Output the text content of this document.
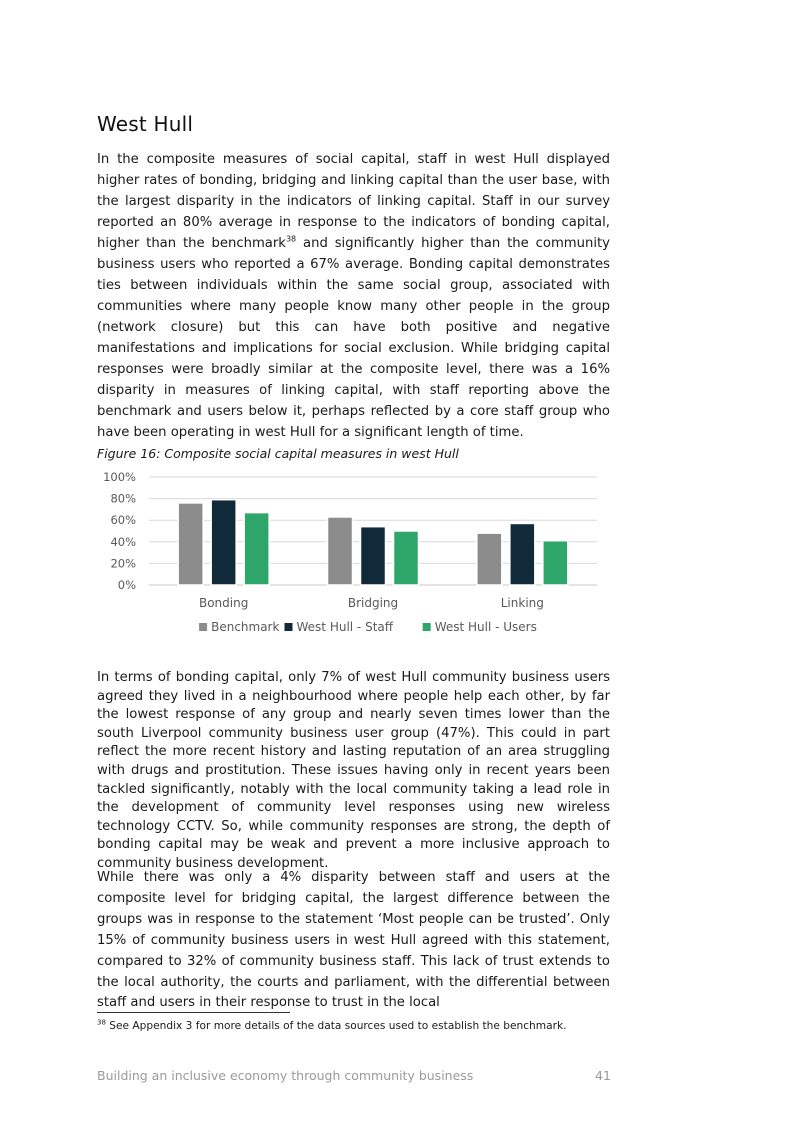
West Hull

In the composite measures of social capital, staff in west Hull displayed higher rates of bonding, bridging and linking capital than the user base, with the largest disparity in the indicators of linking capital. Staff in our survey reported an 80% average in response to the indicators of bonding capital, higher than the benchmark$^{38}$ and significantly higher than the community business users who reported a 67% average. Bonding capital demonstrates ties between individuals within the same social group, associated with communities where many people know many other people in the group (network closure) but this can have both positive and negative manifestations and implications for social exclusion. While bridging capital responses were broadly similar at the composite level, there was a 16% disparity in measures of linking capital, with staff reporting above the benchmark and users below it, perhaps reflected by a core staff group who have been operating in west Hull for a significant length of time.

Figure 16: Composite social capital measures in west Hull

0%
20%
40%
60%
80%
100%
Bonding	Bridging	Linking
Benchmark West Hull - Staff	West Hull - Users

In terms of bonding capital, only 7% of west Hull community business users agreed they lived in a neighbourhood where people help each other, by far the lowest response of any group and nearly seven times lower than the south Liverpool community business user group (47%). This could in part reflect the more recent history and lasting reputation of an area struggling with drugs and prostitution. These issues having only in recent years been tackled significantly, notably with the local community taking a lead role in the development of community level responses using new wireless technology CCTV. So, while community responses are strong, the depth of bonding capital may be weak and prevent a more inclusive approach to community business development.

While there was only a 4% disparity between staff and users at the composite level for bridging capital, the largest difference between the groups was in response to the statement ‘Most people can be trusted’. Only 15% of community business users in west Hull agreed with this statement, compared to 32% of community business staff. This lack of trust extends to the local authority, the courts and parliament, with the differential between staff and users in their response to trust in the local

$^{38}$ See Appendix 3 for more details of the data sources used to establish the benchmark.
Building an inclusive economy through community business	41
